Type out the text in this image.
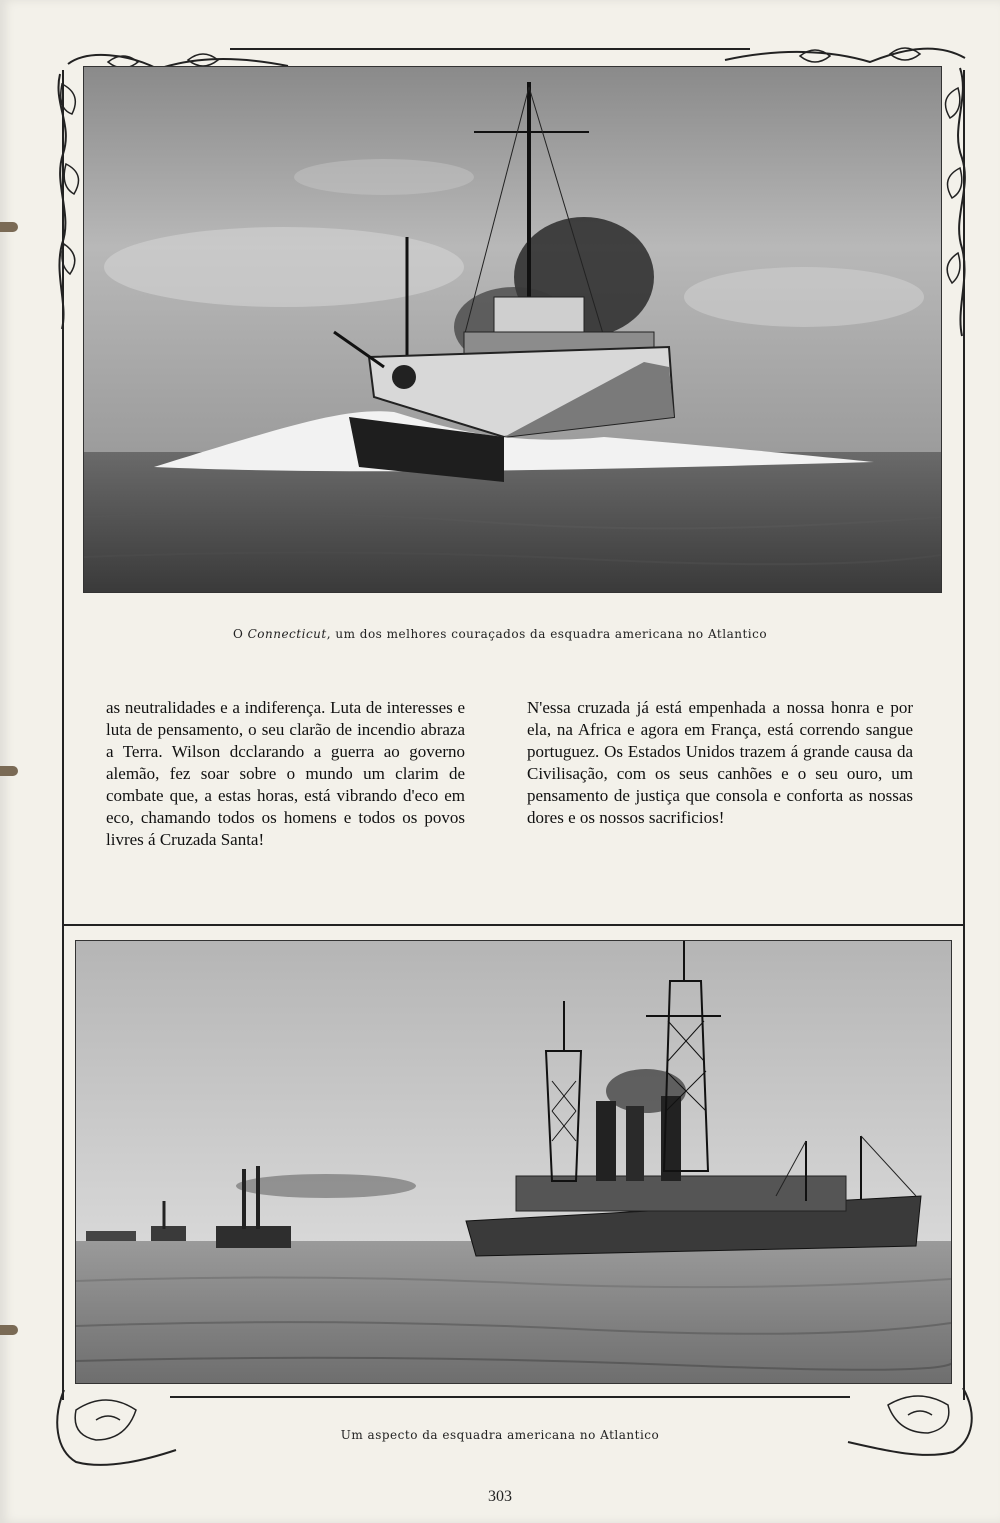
O Connecticut, um dos melhores couraçados da esquadra americana no Atlantico

as neutralidades e a indiferença. Luta de interesses e luta de pensamento, o seu clarão de incendio abraza a Terra. Wilson dcclarando a guerra ao governo alemão, fez soar sobre o mundo um clarim de combate que, a estas horas, está vibrando d'eco em eco, chamando todos os homens e todos os povos livres á Cruzada Santa!

N'essa cruzada já está empenhada a nossa honra e por ela, na Africa e agora em França, está correndo sangue portuguez. Os Estados Unidos trazem á grande causa da Civilisação, com os seus canhões e o seu ouro, um pensamento de justiça que consola e conforta as nossas dores e os nossos sacrificios!

Um aspecto da esquadra americana no Atlantico
303
